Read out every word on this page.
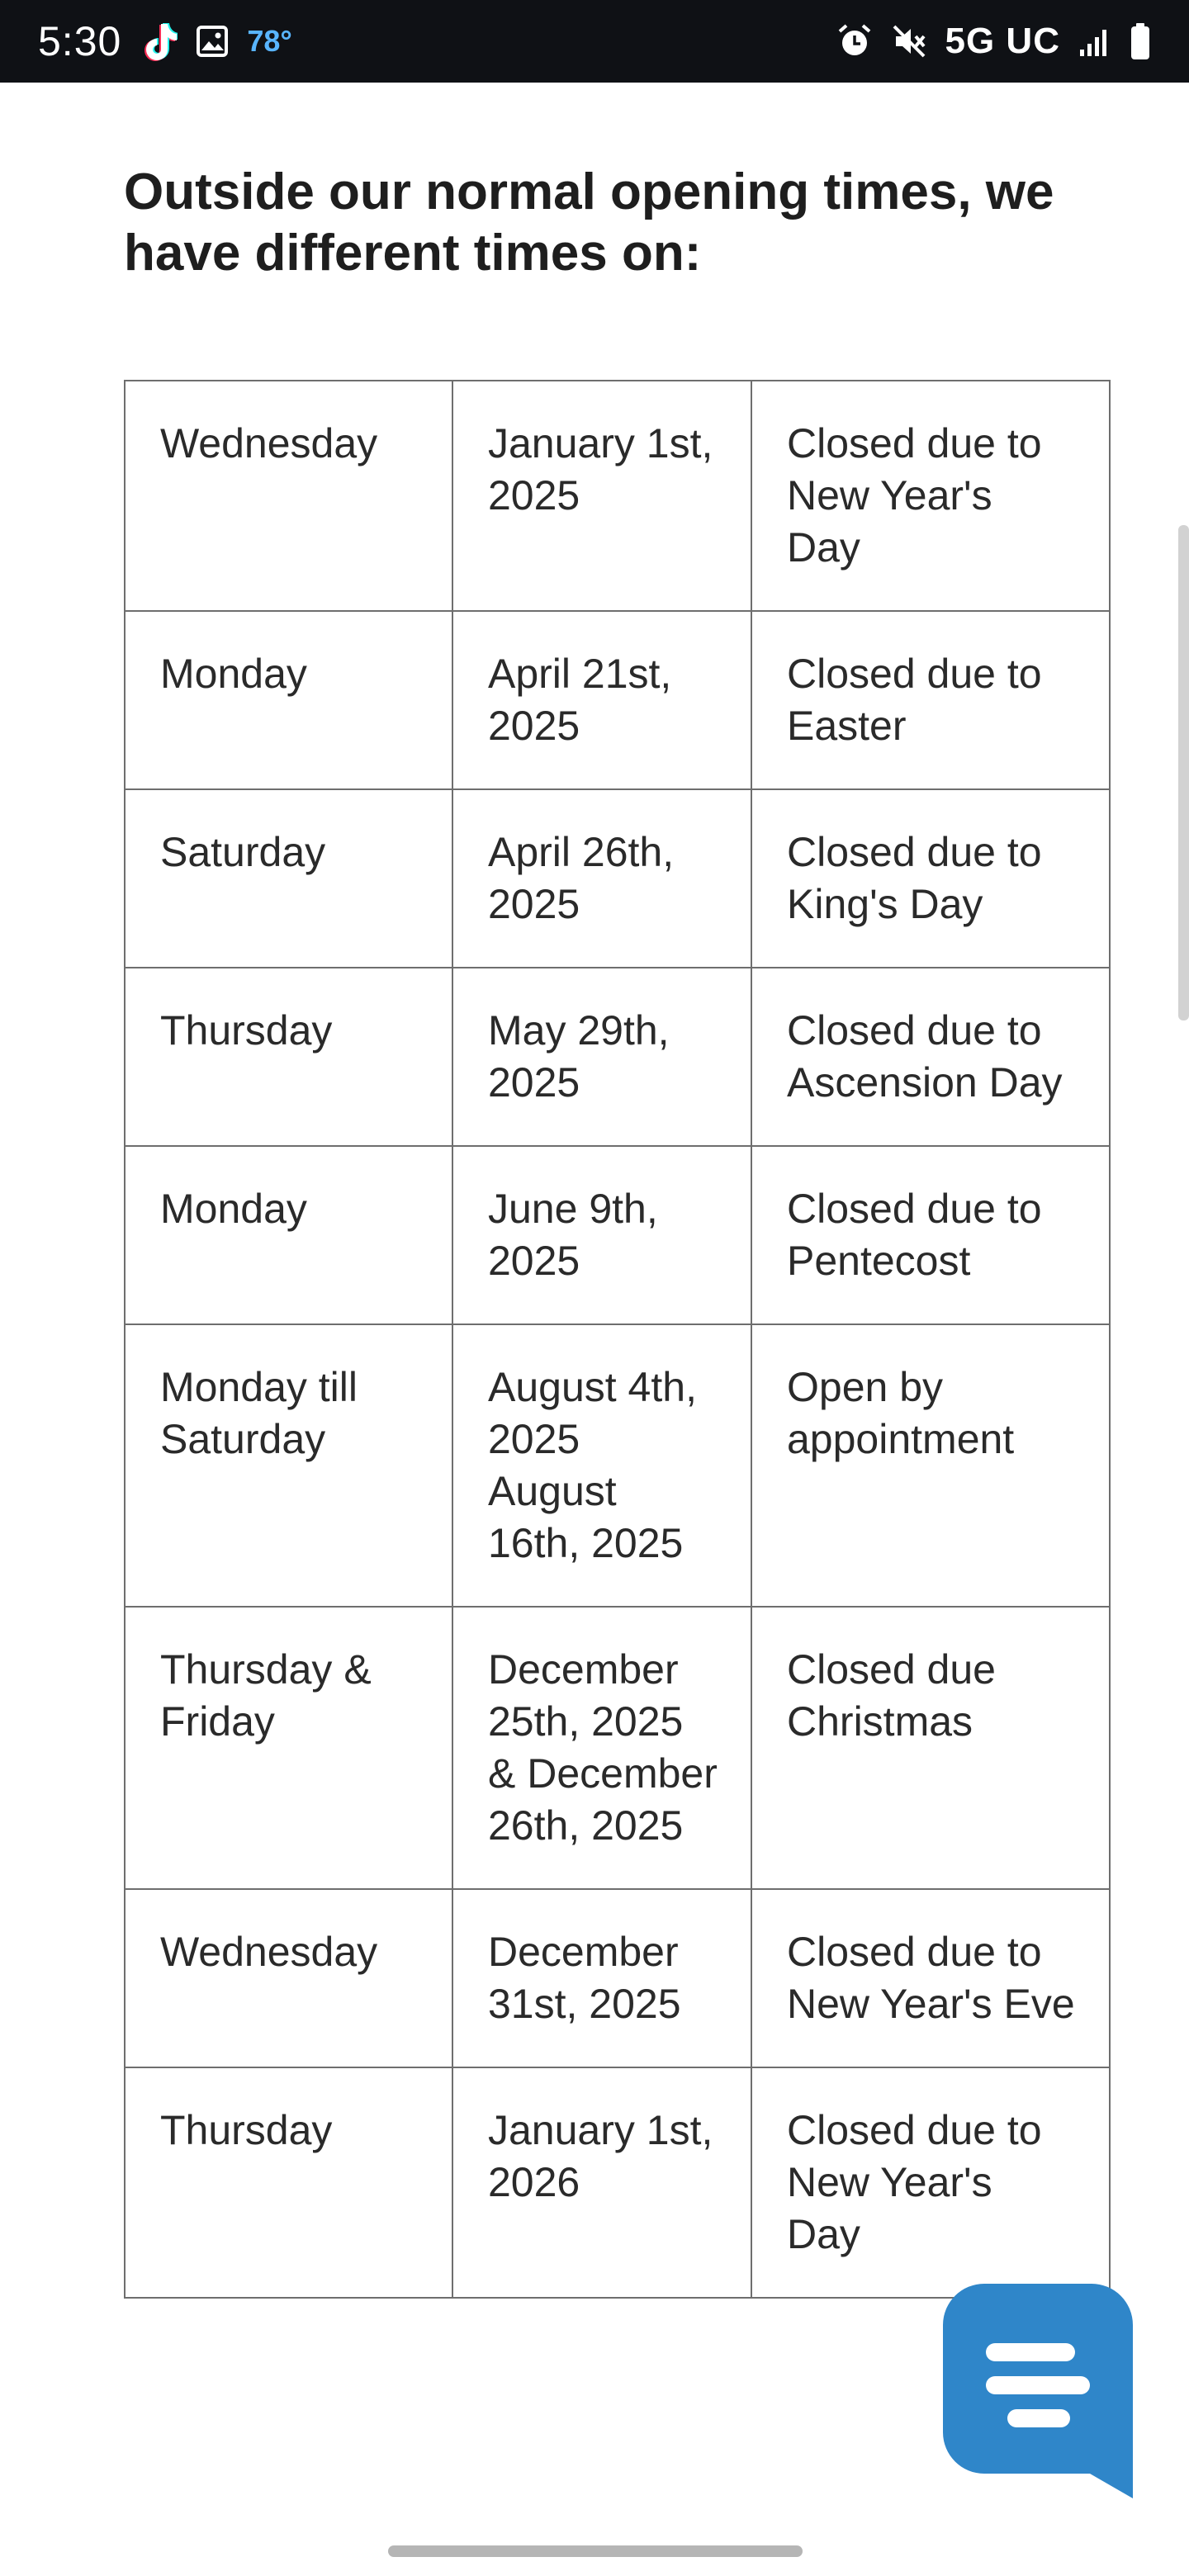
5:30	78°	5G UC
Outside our normal opening times, we have different times on:
Wednesday	January 1st, 2025	Closed due to New Year's Day
Monday	April 21st, 2025	Closed due to Easter
Saturday	April 26th, 2025	Closed due to King's Day
Thursday	May 29th, 2025	Closed due to Ascension Day
Monday	June 9th, 2025	Closed due to Pentecost
Monday till Saturday	August 4th, 2025 August 16th, 2025	Open by appointment
Thursday & Friday	December 25th, 2025 & December 26th, 2025	Closed due Christmas
Wednesday	December 31st, 2025	Closed due to New Year's Eve
Thursday	January 1st, 2026	Closed due to New Year's Day
